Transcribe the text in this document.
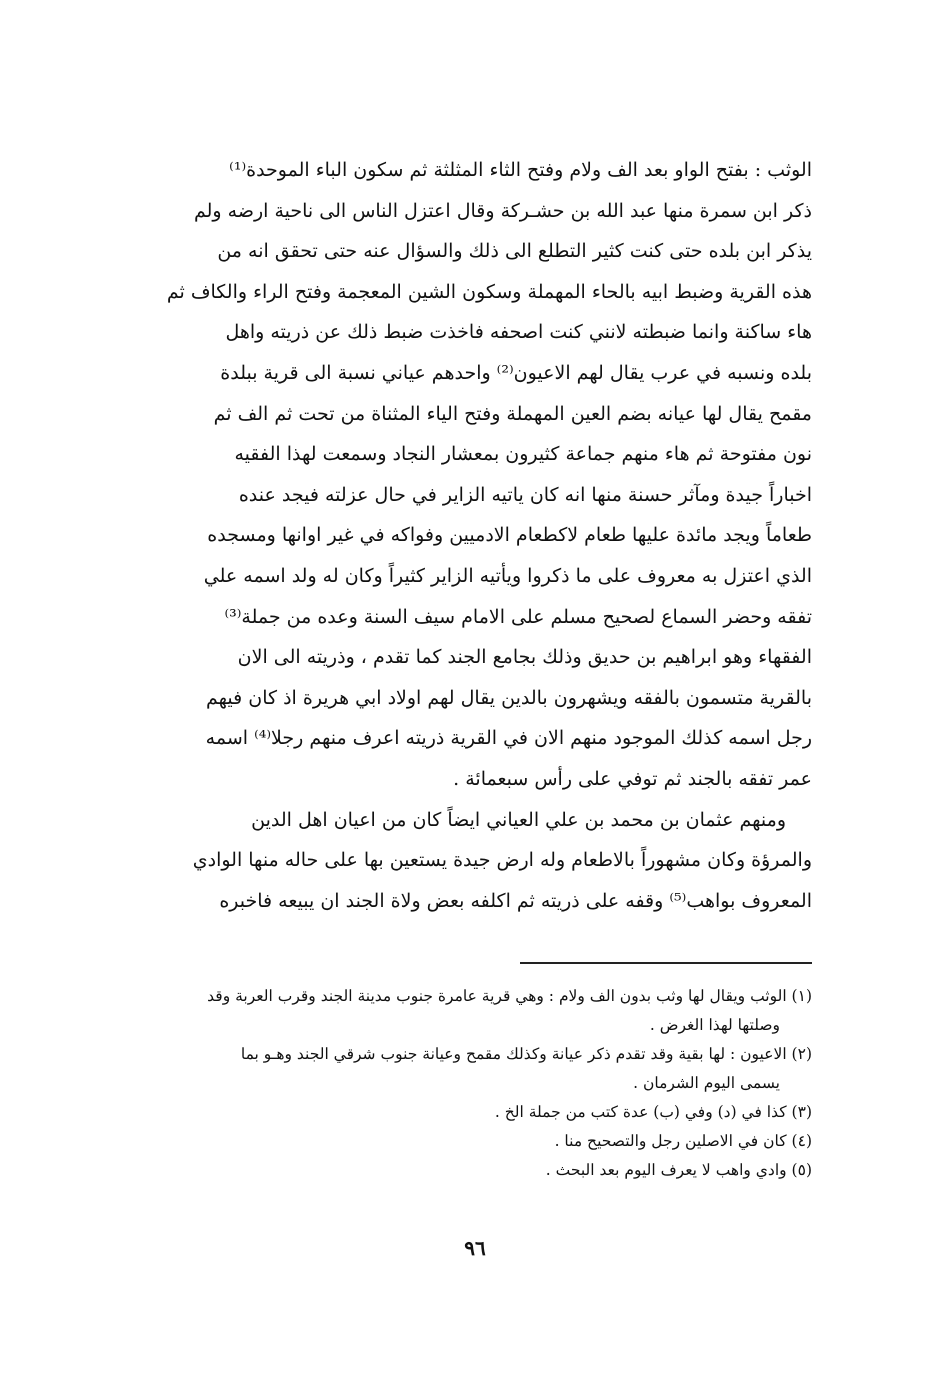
الوثب : بفتح الواو بعد الف ولام وفتح الثاء المثلثة ثم سكون الباء الموحدة⁽¹⁾
ذكر ابن سمرة منها عبد الله بن حشـركة وقال اعتزل الناس الى ناحية ارضه ولم
يذكر ابن بلده حتى كنت كثير التطلع الى ذلك والسؤال عنه حتى تحقق انه من
هذه القرية وضبط ابيه بالحاء المهملة وسكون الشين المعجمة وفتح الراء والكاف ثم
هاء ساكنة وانما ضبطته لانني كنت اصحفه فاخذت ضبط ذلك عن ذريته واهل
بلده ونسبه في عرب يقال لهم الاعيون⁽²⁾ واحدهم عياني نسبة الى قرية ببلدة
مقمح يقال لها عيانه بضم العين المهملة وفتح الياء المثناة من تحت ثم الف ثم
نون مفتوحة ثم هاء منهم جماعة كثيرون بمعشار النجاد وسمعت لهذا الفقيه
اخباراً جيدة ومآثر حسنة منها انه كان ياتيه الزاير في حال عزلته فيجد عنده
طعاماً ويجد مائدة عليها طعام لاكطعام الادميين وفواكه في غير اوانها ومسجده
الذي اعتزل به معروف على ما ذكروا ويأتيه الزاير كثيراً وكان له ولد اسمه علي
تفقه وحضر السماع لصحيح مسلم على الامام سيف السنة وعده من جملة⁽³⁾
الفقهاء وهو ابراهيم بن حديق وذلك بجامع الجند كما تقدم ، وذريته الى الان
بالقرية متسمون بالفقه ويشهرون بالدين يقال لهم اولاد ابي هريرة اذ كان فيهم
رجل اسمه كذلك الموجود منهم الان في القرية ذريته اعرف منهم رجلا⁽⁴⁾ اسمه
عمر تفقه بالجند ثم توفي على رأس سبعمائة .
ومنهم عثمان بن محمد بن علي العياني ايضاً كان من اعيان اهل الدين
والمرؤة وكان مشهوراً بالاطعام وله ارض جيدة يستعين بها على حاله منها الوادي
المعروف بواهب⁽⁵⁾ وقفه على ذريته ثم اكلفه بعض ولاة الجند ان يبيعه فاخبره
(١) الوثب ويقال لها وثب بدون الف ولام : وهي قرية عامرة جنوب مدينة الجند وقرب العربة وقد
وصلتها لهذا الغرض .
(٢) الاعيون : لها بقية وقد تقدم ذكر عيانة وكذلك مقمح وعيانة جنوب شرقي الجند وهـو بما
يسمى اليوم الشرمان .
(٣) كذا في (د) وفي (ب) عدة كتب من جملة الخ .
(٤) كان في الاصلين رجل والتصحيح منا .
(٥) وادي واهب لا يعرف اليوم بعد البحث .
٩٦
